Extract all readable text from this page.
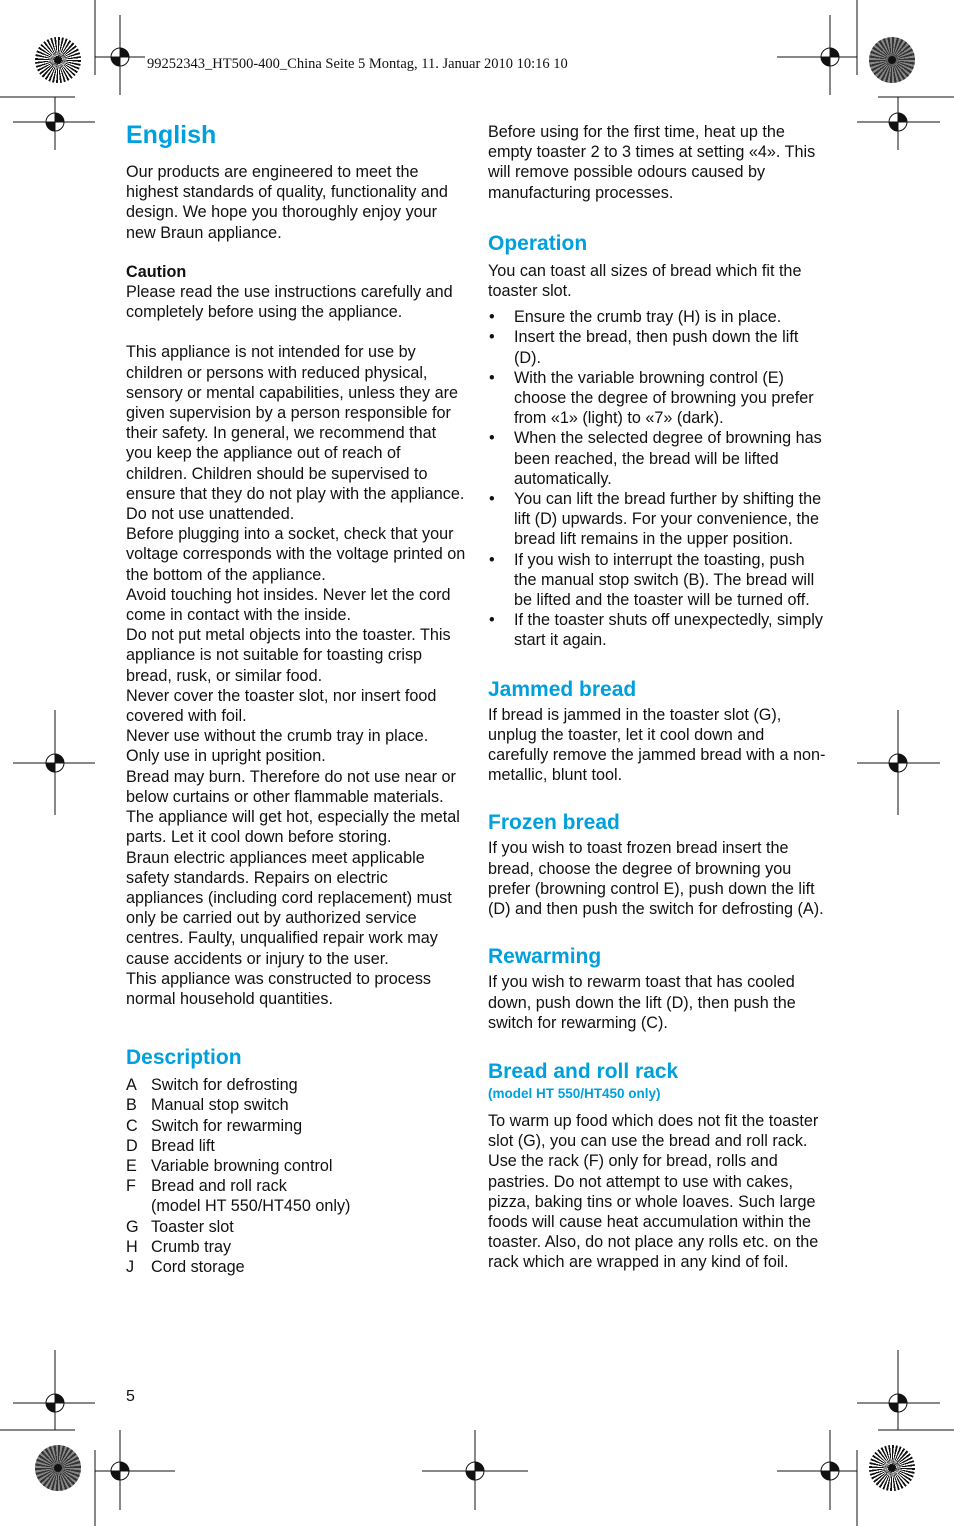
99252343_HT500-400_China Seite 5 Montag, 11. Januar 2010 10:16 10
English

Our products are engineered to meet the highest standards of quality, functionality and design. We hope you thoroughly enjoy your new Braun appliance.

Caution

Please read the use instructions carefully and completely before using the appliance.

This appliance is not intended for use by children or persons with reduced physical, sensory or mental capabilities, unless they are given supervision by a person responsible for their safety. In general, we recommend that you keep the appliance out of reach of children. Children should be supervised to ensure that they do not play with the appliance.

Do not use unattended.

Before plugging into a socket, check that your voltage corresponds with the voltage printed on the bottom of the appliance.

Avoid touching hot insides. Never let the cord come in contact with the inside.

Do not put metal objects into the toaster. This appliance is not suitable for toasting crisp bread, rusk, or similar food.

Never cover the toaster slot, nor insert food covered with foil.

Never use without the crumb tray in place.

Only use in upright position.

Bread may burn. Therefore do not use near or below curtains or other flammable materials.

The appliance will get hot, especially the metal parts. Let it cool down before storing.

Braun electric appliances meet applicable safety standards. Repairs on electric appliances (including cord replacement) must only be carried out by authorized service centres. Faulty, unqualified repair work may cause accidents or injury to the user.

This appliance was constructed to process normal household quantities.

Description
A Switch for defrosting
B Manual stop switch
C Switch for rewarming
D Bread lift
E Variable browning control
F Bread and roll rack
(model HT 550/HT450 only)
G Toaster slot
H Crumb tray
J	Cord storage
5

Before using for the first time, heat up the empty toaster 2 to 3 times at setting «4». This will remove possible odours caused by manufacturing processes.

Operation

You can toast all sizes of bread which fit the toaster slot.

• Ensure the crumb tray (H) is in place.
• Insert the bread, then push down the lift (D).
• With the variable browning control (E) choose the degree of browning you prefer from «1» (light) to «7» (dark).
• When the selected degree of browning has been reached, the bread will be lifted automatically.
• You can lift the bread further by shifting the lift (D) upwards. For your convenience, the bread lift remains in the upper position.
• If you wish to interrupt the toasting, push the manual stop switch (B). The bread will be lifted and the toaster will be turned off.
• If the toaster shuts off unexpectedly, simply start it again.
Jammed bread

If bread is jammed in the toaster slot (G), unplug the toaster, let it cool down and carefully remove the jammed bread with a non-metallic, blunt tool.

Frozen bread

If you wish to toast frozen bread insert the bread, choose the degree of browning you prefer (browning control E), push down the lift (D) and then push the switch for defrosting (A).

Rewarming

If you wish to rewarm toast that has cooled down, push down the lift (D), then push the switch for rewarming (C).

Bread and roll rack
(model HT 550/HT450 only)

To warm up food which does not fit the toaster slot (G), you can use the bread and roll rack. Use the rack (F) only for bread, rolls and pastries. Do not attempt to use with cakes, pizza, baking tins or whole loaves. Such large foods will cause heat accumulation within the toaster. Also, do not place any rolls etc. on the rack which are wrapped in any kind of foil.
